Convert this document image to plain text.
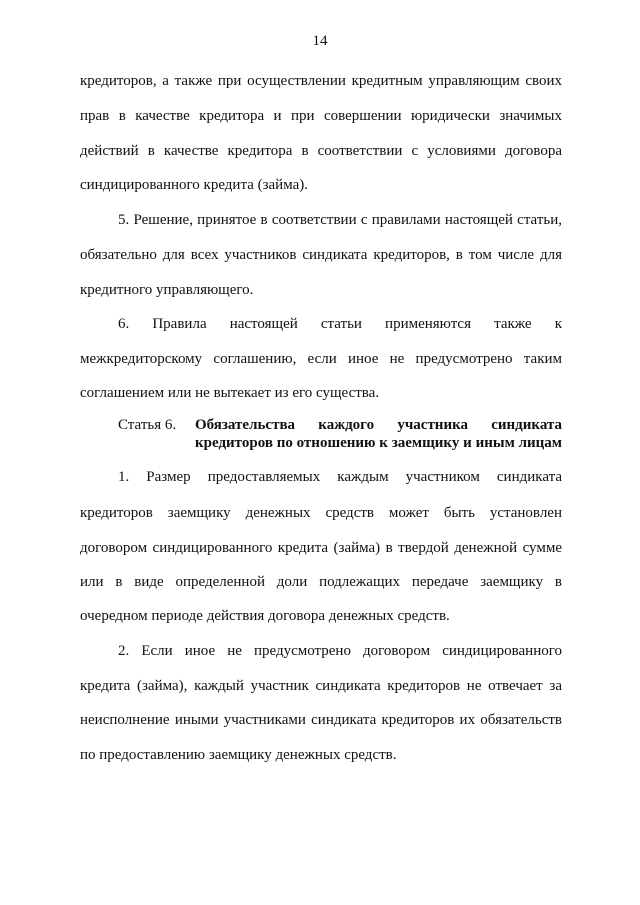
14
кредиторов, а также при осуществлении кредитным управляющим своих
прав в качестве кредитора и при совершении юридически значимых
действий в качестве кредитора в соответствии с условиями договора
синдицированного кредита (займа).
5. Решение, принятое в соответствии с правилами настоящей статьи,
обязательно для всех участников синдиката кредиторов, в том числе для
кредитного управляющего.
6. Правила настоящей статьи применяются также к
межкредиторскому соглашению, если иное не предусмотрено таким
соглашением или не вытекает из его существа.
Статья 6. Обязательства каждого участника синдиката
кредиторов по отношению к заемщику и иным лицам
1. Размер предоставляемых каждым участником синдиката
кредиторов заемщику денежных средств может быть установлен
договором синдицированного кредита (займа) в твердой денежной сумме
или в виде определенной доли подлежащих передаче заемщику в
очередном периоде действия договора денежных средств.
2. Если иное не предусмотрено договором синдицированного
кредита (займа), каждый участник синдиката кредиторов не отвечает за
неисполнение иными участниками синдиката кредиторов их обязательств
по предоставлению заемщику денежных средств.
